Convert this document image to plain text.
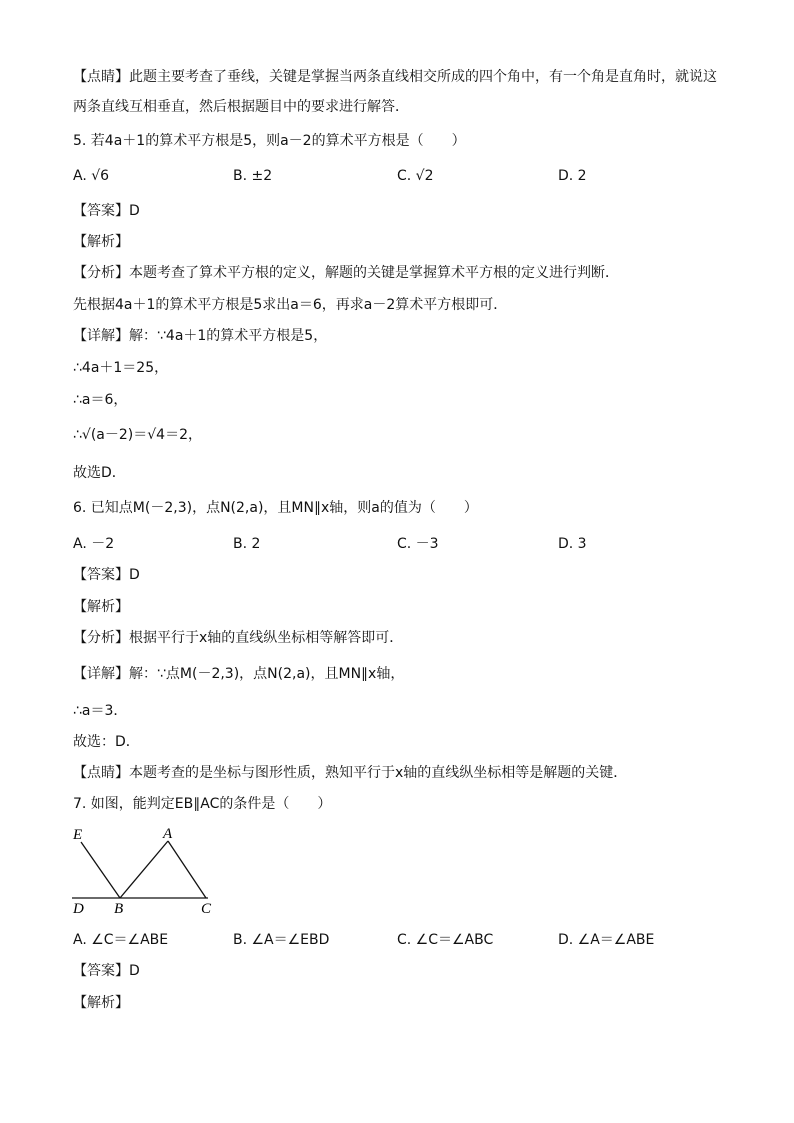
【点睛】此题主要考查了垂线，关键是掌握当两条直线相交所成的四个角中，有一个角是直角时，就说这
两条直线互相垂直，然后根据题目中的要求进行解答．
5. 若4a＋1的算术平方根是5，则a－2的算术平方根是（　　）
A. √6	B. ±2	C. √2	D. 2
【答案】D
【解析】
【分析】本题考查了算术平方根的定义，解题的关键是掌握算术平方根的定义进行判断．
先根据4a＋1的算术平方根是5求出a＝6，再求a－2算术平方根即可．
【详解】解：∵4a＋1的算术平方根是5，
∴4a＋1＝25，
∴a＝6，
∴√(a－2)＝√4＝2，
故选D．
6. 已知点M(－2,3)，点N(2,a)，且MN∥x轴，则a的值为（　　）
A. －2	B. 2	C. －3	D. 3
【答案】D
【解析】
【分析】根据平行于x轴的直线纵坐标相等解答即可．
【详解】解：∵点M(－2,3)，点N(2,a)，且MN∥x轴，
∴a＝3．
故选：D．
【点睛】本题考查的是坐标与图形性质，熟知平行于x轴的直线纵坐标相等是解题的关键．
7. 如图，能判定EB∥AC的条件是（　　）
E	A
D B	C
A. ∠C＝∠ABE	B. ∠A＝∠EBD	C. ∠C＝∠ABC	D. ∠A＝∠ABE
【答案】D
【解析】
